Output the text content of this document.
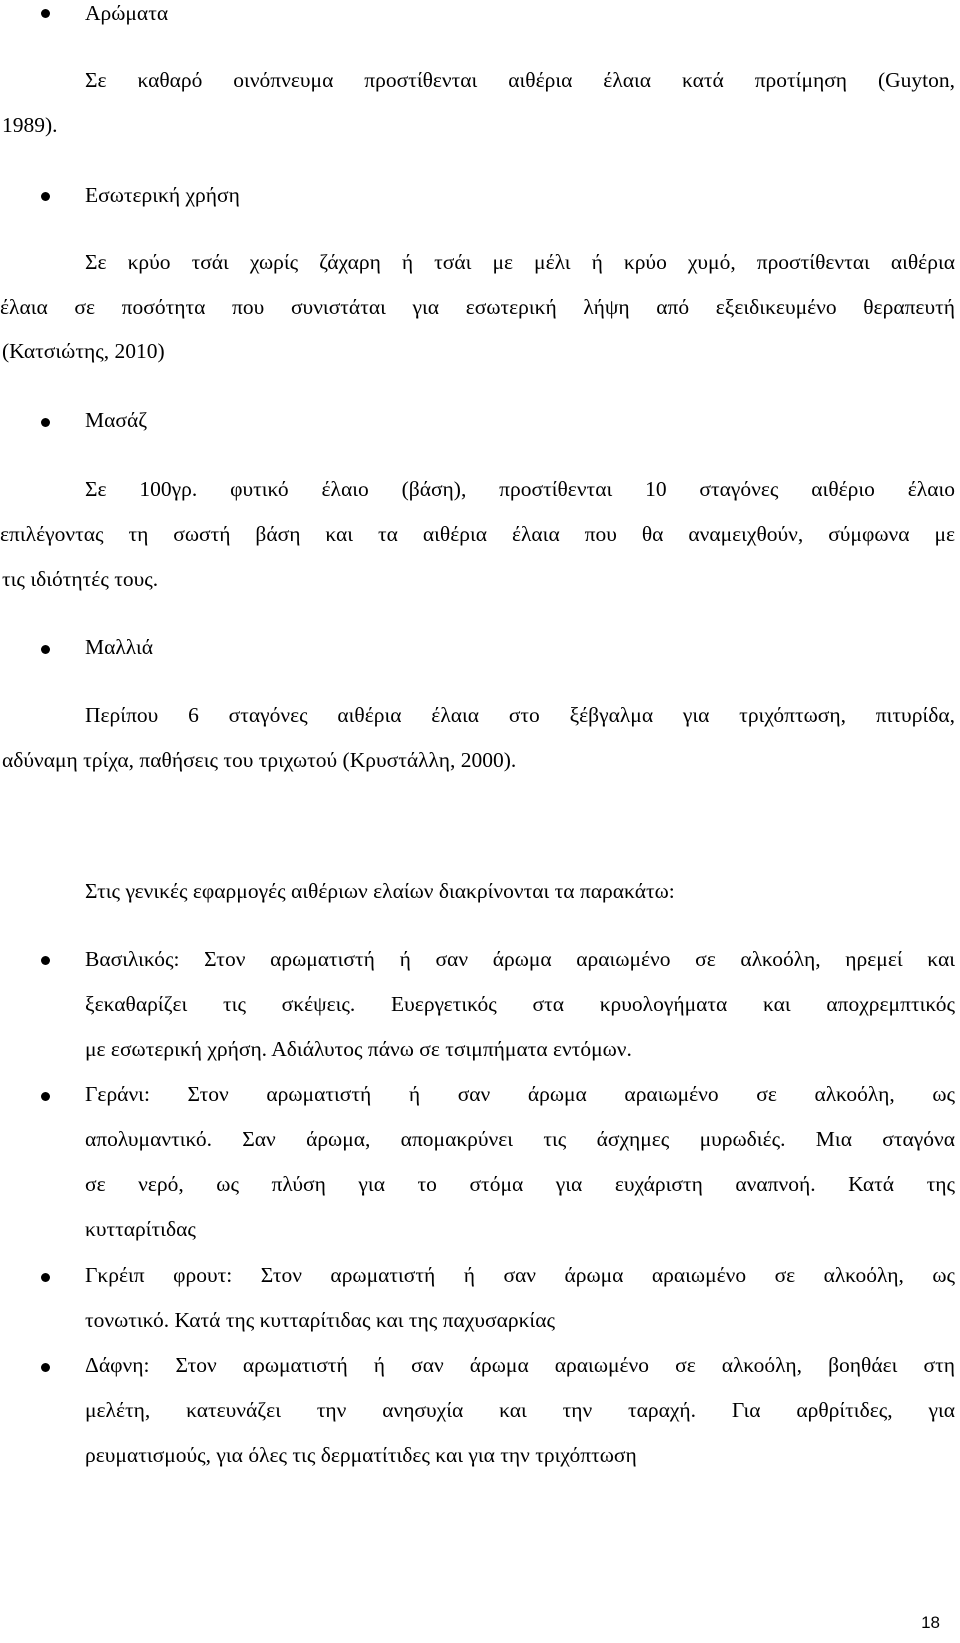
Αρώματα
Σε καθαρό οινόπνευμα προστίθενται αιθέρια έλαια κατά προτίμηση (Guyton,
1989).
Εσωτερική χρήση
Σε κρύο τσάι χωρίς ζάχαρη ή τσάι με μέλι ή κρύο χυμό, προστίθενται αιθέρια
έλαια σε ποσότητα που συνιστάται για εσωτερική λήψη από εξειδικευμένο θεραπευτή
(Κατσιώτης, 2010)
Μασάζ
Σε 100γρ. φυτικό έλαιο (βάση), προστίθενται 10 σταγόνες αιθέριο έλαιο
επιλέγοντας τη σωστή βάση και τα αιθέρια έλαια που θα αναμειχθούν, σύμφωνα με
τις ιδιότητές τους.
Μαλλιά
Περίπου 6 σταγόνες αιθέρια έλαια στο ξέβγαλμα για τριχόπτωση, πιτυρίδα,
αδύναμη τρίχα, παθήσεις του τριχωτού (Κρυστάλλη, 2000).
Στις γενικές εφαρμογές αιθέριων ελαίων διακρίνονται τα παρακάτω:
Βασιλικός: Στον αρωματιστή ή σαν άρωμα αραιωμένο σε αλκοόλη, ηρεμεί και
ξεκαθαρίζει τις σκέψεις. Ευεργετικός στα κρυολογήματα και αποχρεμπτικός
με εσωτερική χρήση. Αδιάλυτος πάνω σε τσιμπήματα εντόμων.
Γεράνι: Στον αρωματιστή ή σαν άρωμα αραιωμένο σε αλκοόλη, ως
απολυμαντικό. Σαν άρωμα, απομακρύνει τις άσχημες μυρωδιές. Μια σταγόνα
σε νερό, ως πλύση για το στόμα για ευχάριστη αναπνοή. Κατά της
κυτταρίτιδας
Γκρέιπ φρουτ: Στον αρωματιστή ή σαν άρωμα αραιωμένο σε αλκοόλη, ως
τονωτικό. Κατά της κυτταρίτιδας και της παχυσαρκίας
Δάφνη: Στον αρωματιστή ή σαν άρωμα αραιωμένο σε αλκοόλη, βοηθάει στη
μελέτη, κατευνάζει την ανησυχία και την ταραχή. Για αρθρίτιδες, για
ρευματισμούς, για όλες τις δερματίτιδες και για την τριχόπτωση
18
